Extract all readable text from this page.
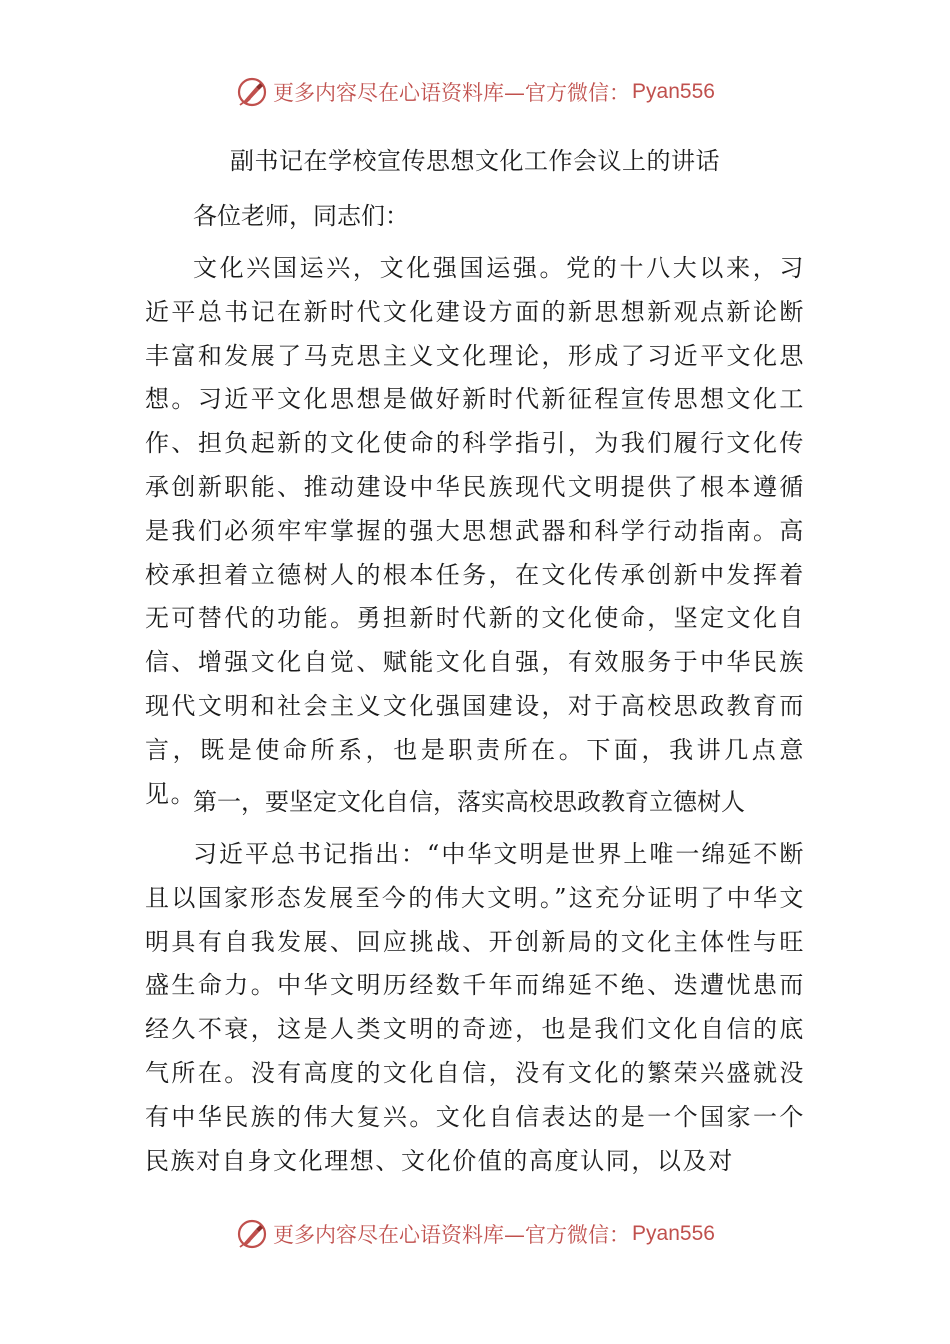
更多内容尽在心语资料库—官方微信： Pyan556
副书记在学校宣传思想文化工作会议上的讲话
各位老师，同志们：

文化兴国运兴，文化强国运强。党的十八大以来，习近平总书记在新时代文化建设方面的新思想新观点新论断丰富和发展了马克思主义文化理论，形成了习近平文化思想。习近平文化思想是做好新时代新征程宣传思想文化工作、担负起新的文化使命的科学指引，为我们履行文化传承创新职能、推动建设中华民族现代文明提供了根本遵循是我们必须牢牢掌握的强大思想武器和科学行动指南。高校承担着立德树人的根本任务，在文化传承创新中发挥着无可替代的功能。勇担新时代新的文化使命，坚定文化自信、增强文化自觉、赋能文化自强，有效服务于中华民族现代文明和社会主义文化强国建设，对于高校思政教育而言，既是使命所系，也是职责所在。下面，我讲几点意见。

第一，要坚定文化自信，落实高校思政教育立德树人

习近平总书记指出：“中华文明是世界上唯一绵延不断且以国家形态发展至今的伟大文明。”这充分证明了中华文明具有自我发展、回应挑战、开创新局的文化主体性与旺盛生命力。中华文明历经数千年而绵延不绝、迭遭忧患而经久不衰，这是人类文明的奇迹，也是我们文化自信的底气所在。没有高度的文化自信，没有文化的繁荣兴盛就没有中华民族的伟大复兴。文化自信表达的是一个国家一个民族对自身文化理想、文化价值的高度认同，以及对

更多内容尽在心语资料库—官方微信： Pyan556
